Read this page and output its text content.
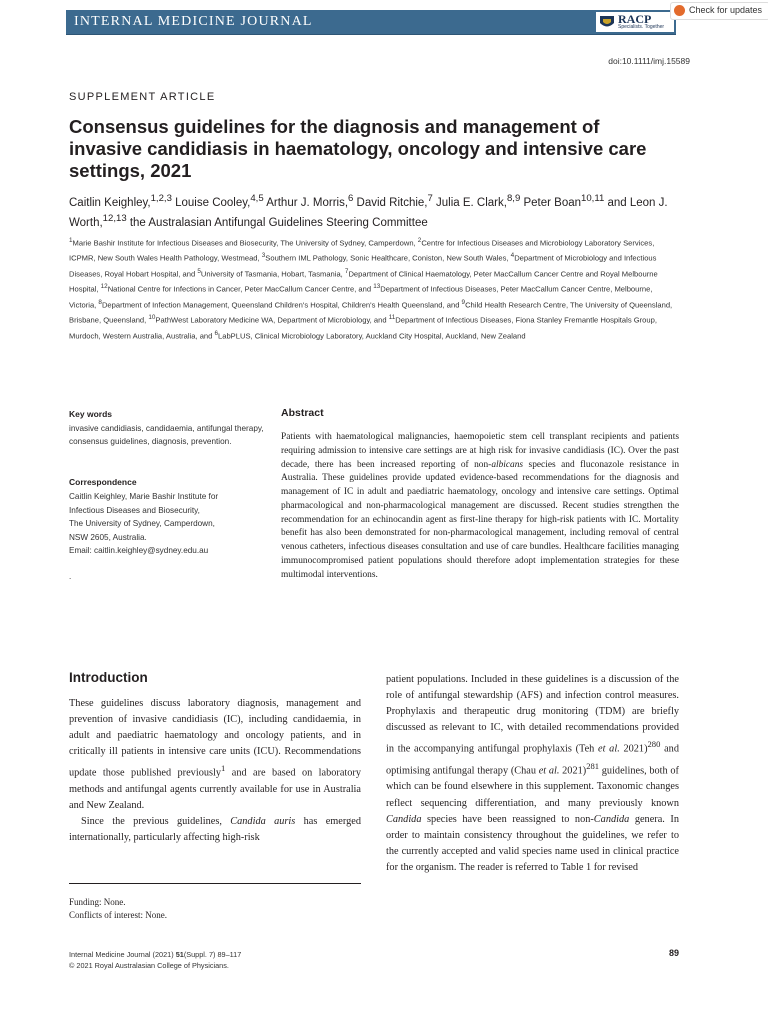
INTERNAL MEDICINE JOURNAL	RACP
Specialists. Together
Check for updates
doi:10.1111/imj.15589
SUPPLEMENT ARTICLE
Consensus guidelines for the diagnosis and management of invasive candidiasis in haematology, oncology and intensive care settings, 2021
Caitlin Keighley,$^{1,2,3}$ Louise Cooley,$^{4,5}$ Arthur J. Morris,$^6$ David Ritchie,$^7$ Julia E. Clark,$^{8,9}$ Peter Boan$^{10,11}$ and Leon J. Worth,$^{12,13}$ the Australasian Antifungal Guidelines Steering Committee
$^1$Marie Bashir Institute for Infectious Diseases and Biosecurity, The University of Sydney, Camperdown, $^2$Centre for Infectious Diseases and Microbiology Laboratory Services, ICPMR, New South Wales Health Pathology, Westmead, $^3$Southern IML Pathology, Sonic Healthcare, Coniston, New South Wales, $^4$Department of Microbiology and Infectious Diseases, Royal Hobart Hospital, and $^5$University of Tasmania, Hobart, Tasmania, $^7$Department of Clinical Haematology, Peter MacCallum Cancer Centre and Royal Melbourne Hospital, $^{12}$National Centre for Infections in Cancer, Peter MacCallum Cancer Centre, and $^{13}$Department of Infectious Diseases, Peter MacCallum Cancer Centre, Melbourne, Victoria, $^8$Department of Infection Management, Queensland Children's Hospital, Children's Health Queensland, and $^9$Child Health Research Centre, The University of Queensland, Brisbane, Queensland, $^{10}$PathWest Laboratory Medicine WA, Department of Microbiology, and $^{11}$Department of Infectious Diseases, Fiona Stanley Fremantle Hospitals Group, Murdoch, Western Australia, Australia, and $^6$LabPLUS, Clinical Microbiology Laboratory, Auckland City Hospital, Auckland, New Zealand
Key words
invasive candidiasis, candidaemia, antifungal therapy, consensus guidelines, diagnosis, prevention.
Correspondence
Caitlin Keighley, Marie Bashir Institute for
Infectious Diseases and Biosecurity,
The University of Sydney, Camperdown,
NSW 2605, Australia.
Email: caitlin.keighley@sydney.edu.au
.
Abstract
Patients with haematological malignancies, haemopoietic stem cell transplant recipients and patients requiring admission to intensive care settings are at high risk for invasive candidiasis (IC). Over the past decade, there has been increased reporting of non-albicans species and fluconazole resistance in Australia. These guidelines provide updated evidence-based recommendations for the diagnosis and management of IC in adult and paediatric haematology, oncology and intensive care settings. Optimal pharmacological and non-pharmacological management are discussed. Recent studies strengthen the recommendation for an echinocandin agent as first-line therapy for high-risk patients with IC. Mortality benefit has also been demonstrated for non-pharmacological management, including removal of central venous catheters, infectious diseases consultation and use of care bundles. Healthcare facilities managing immunocompromised patient populations should therefore adopt implementation strategies for these multimodal interventions.
Introduction

These guidelines discuss laboratory diagnosis, management and prevention of invasive candidiasis (IC), including candidaemia, in adult and paediatric haematology and oncology patients, and in critically ill patients in intensive care units (ICU). Recommendations update those published previously$^1$ and are based on laboratory methods and antifungal agents currently available for use in Australia and New Zealand.

Since the previous guidelines, Candida auris has emerged internationally, particularly affecting high-risk

patient populations. Included in these guidelines is a discussion of the role of antifungal stewardship (AFS) and infection control measures. Prophylaxis and therapeutic drug monitoring (TDM) are briefly discussed as relevant to IC, with detailed recommendations provided in the accompanying antifungal prophylaxis (Teh et al. 2021)$^{280}$ and optimising antifungal therapy (Chau et al. 2021)$^{281}$ guidelines, both of which can be found elsewhere in this supplement. Taxonomic changes reflect sequencing differentiation, and many previously known Candida species have been reassigned to non-Candida genera. In order to maintain consistency throughout the guidelines, we refer to the currently accepted and valid species name used in clinical practice for the organism. The reader is referred to Table 1 for revised

Funding: None.
Conflicts of interest: None.
Internal Medicine Journal (2021) 51(Suppl. 7) 89–117
© 2021 Royal Australasian College of Physicians.
89
